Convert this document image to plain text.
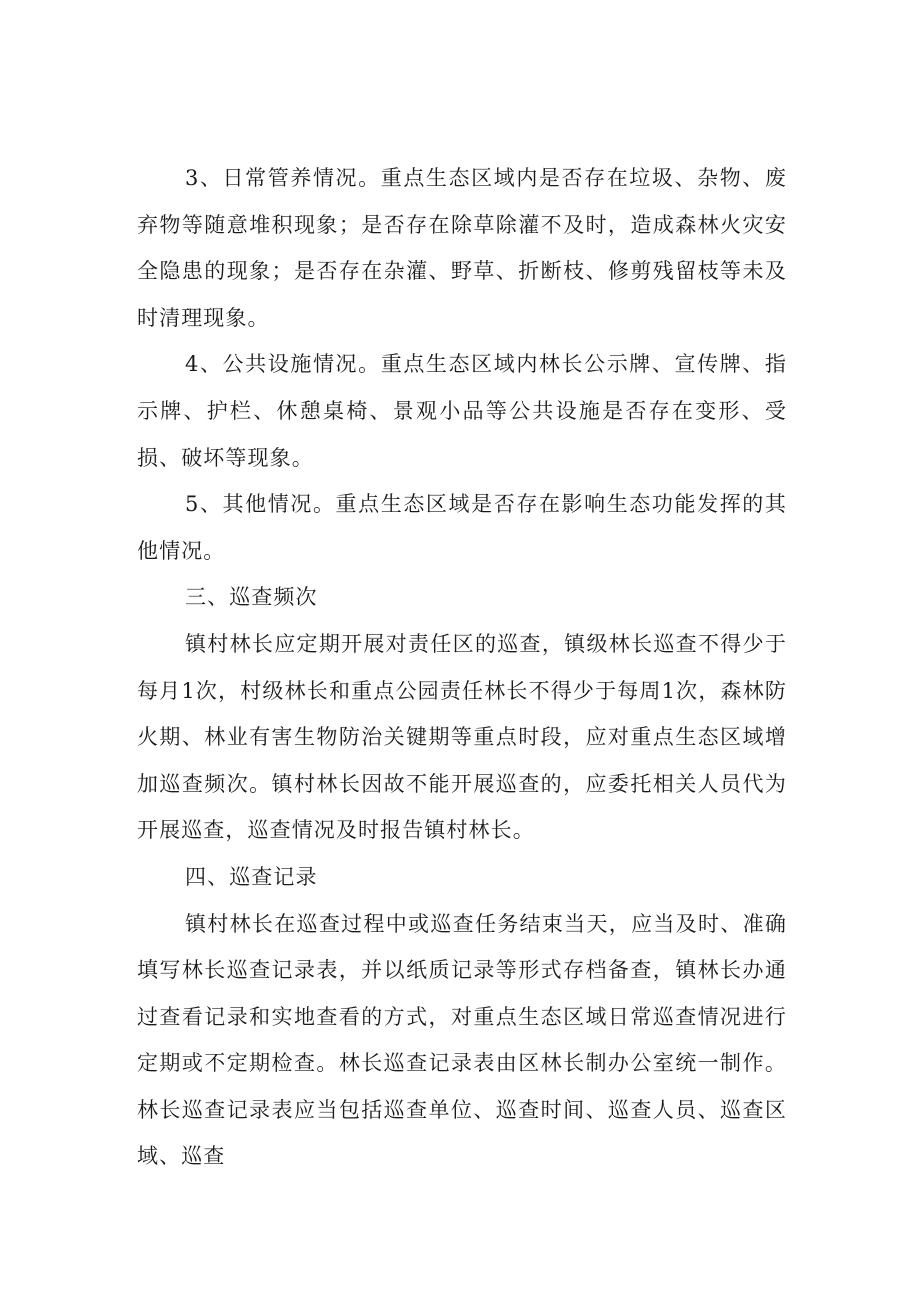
3、日常管养情况。重点生态区域内是否存在垃圾、杂物、废弃物等随意堆积现象；是否存在除草除灌不及时，造成森林火灾安全隐患的现象；是否存在杂灌、野草、折断枝、修剪残留枝等未及时清理现象。

4、公共设施情况。重点生态区域内林长公示牌、宣传牌、指示牌、护栏、休憩桌椅、景观小品等公共设施是否存在变形、受损、破坏等现象。

5、其他情况。重点生态区域是否存在影响生态功能发挥的其他情况。

三、巡查频次

镇村林长应定期开展对责任区的巡查，镇级林长巡查不得少于每月1次，村级林长和重点公园责任林长不得少于每周1次，森林防火期、林业有害生物防治关键期等重点时段，应对重点生态区域增加巡查频次。镇村林长因故不能开展巡查的，应委托相关人员代为开展巡查，巡查情况及时报告镇村林长。

四、巡查记录

镇村林长在巡查过程中或巡查任务结束当天，应当及时、准确填写林长巡查记录表，并以纸质记录等形式存档备查，镇林长办通过查看记录和实地查看的方式，对重点生态区域日常巡查情况进行定期或不定期检查。林长巡查记录表由区林长制办公室统一制作。林长巡查记录表应当包括巡查单位、巡查时间、巡查人员、巡查区域、巡查
